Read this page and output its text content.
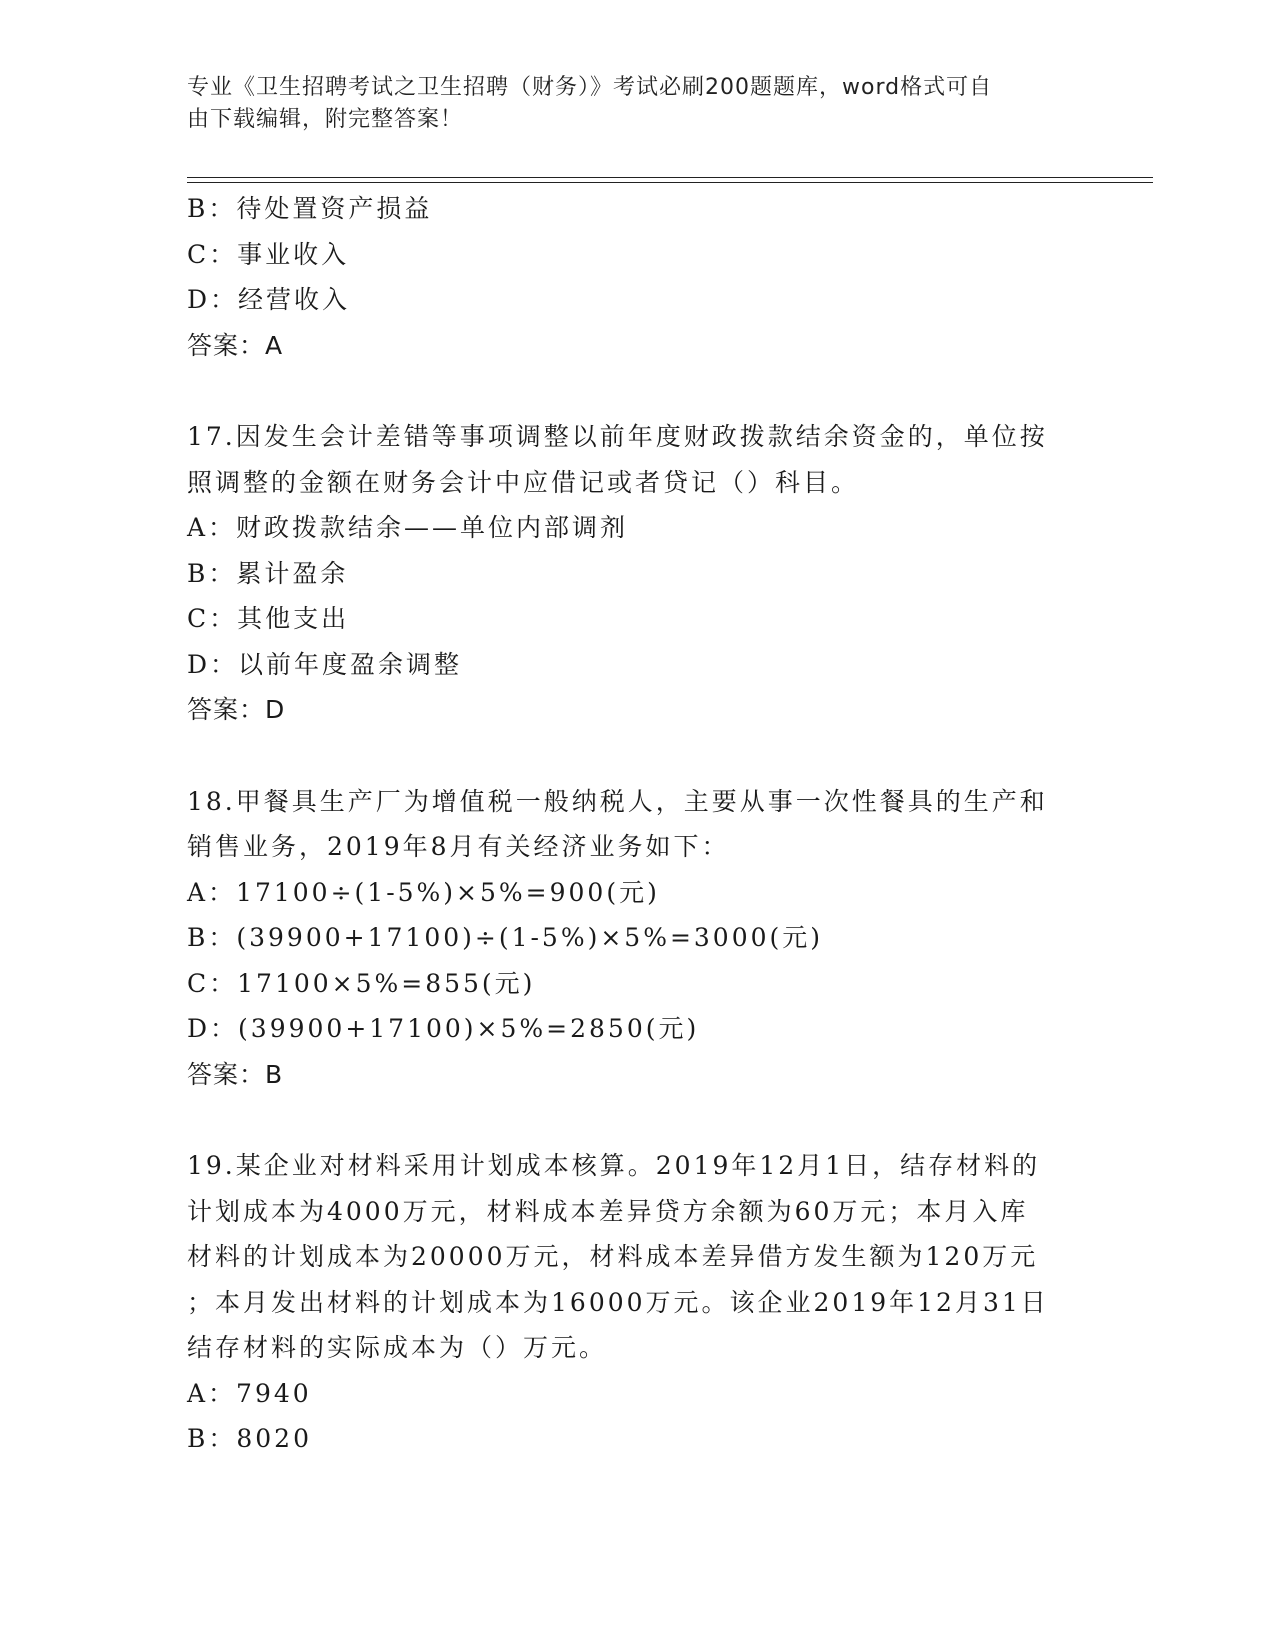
专业《卫生招聘考试之卫生招聘（财务）》考试必刷200题题库，word格式可自
由下载编辑，附完整答案！
B：待处置资产损益
C：事业收入
D：经营收入
答案：A
17.因发生会计差错等事项调整以前年度财政拨款结余资金的，单位按
照调整的金额在财务会计中应借记或者贷记（）科目。
A：财政拨款结余——单位内部调剂
B：累计盈余
C：其他支出
D：以前年度盈余调整
答案：D
18.甲餐具生产厂为增值税一般纳税人，主要从事一次性餐具的生产和
销售业务，2019年8月有关经济业务如下：
A：17100÷(1-5%)×5%=900(元)
B：(39900+17100)÷(1-5%)×5%=3000(元)
C：17100×5%=855(元)
D：(39900+17100)×5%=2850(元)
答案：B
19.某企业对材料采用计划成本核算。2019年12月1日，结存材料的
计划成本为4000万元，材料成本差异贷方余额为60万元；本月入库
材料的计划成本为20000万元，材料成本差异借方发生额为120万元
；本月发出材料的计划成本为16000万元。该企业2019年12月31日
结存材料的实际成本为（）万元。
A：7940
B：8020
